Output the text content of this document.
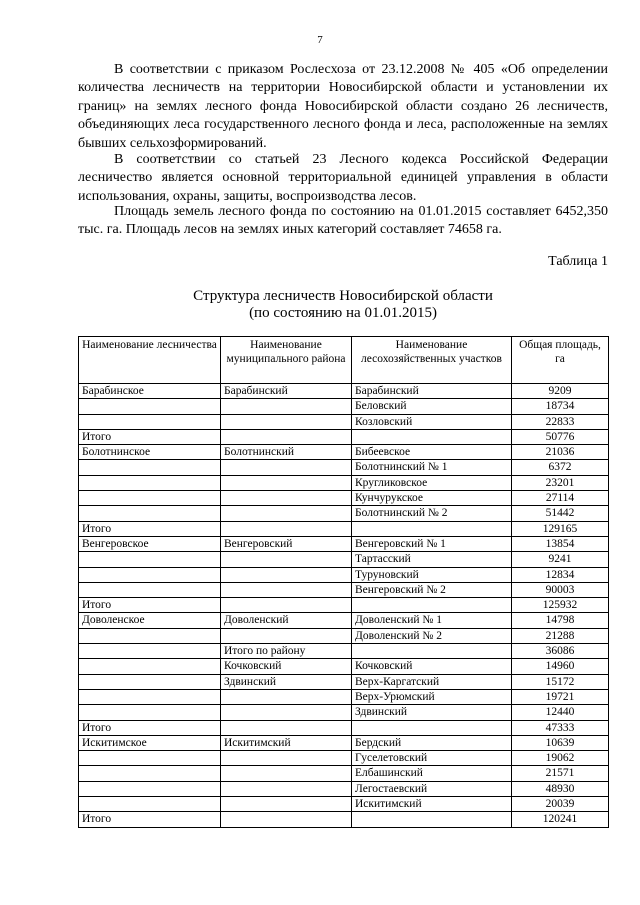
7

В соответствии с приказом Рослесхоза от 23.12.2008 № 405 «Об определении количества лесничеств на территории Новосибирской области и установлении их границ» на землях лесного фонда Новосибирской области создано 26 лесничеств, объединяющих леса государственного лесного фонда и леса, расположенные на землях бывших сельхозформирований.

В соответствии со статьей 23 Лесного кодекса Российской Федерации лесничество является основной территориальной единицей управления в области использования, охраны, защиты, воспроизводства лесов.

Площадь земель лесного фонда по состоянию на 01.01.2015 составляет 6452,350 тыс. га. Площадь лесов на землях иных категорий составляет 74658 га.

Таблица 1
Структура лесничеств Новосибирской области
(по состоянию на 01.01.2015)
Наименование лесничества	Наименование муниципального района	Наименование лесохозяйственных участков	Общая площадь, га
Барабинское	Барабинский	Барабинский	9209
		Беловский	18734
		Козловский	22833
Итого			50776
Болотнинское	Болотнинский	Бибеевское	21036
		Болотнинский № 1	6372
		Кругликовское	23201
		Кунчурукское	27114
		Болотнинский № 2	51442
Итого			129165
Венгеровское	Венгеровский	Венгеровский № 1	13854
		Тартасский	9241
		Туруновский	12834
		Венгеровский № 2	90003
Итого			125932
Доволенское	Доволенский	Доволенский № 1	14798
		Доволенский № 2	21288
	Итого по району		36086
	Кочковский	Кочковский	14960
	Здвинский	Верх-Каргатский	15172
		Верх-Урюмский	19721
		Здвинский	12440
Итого			47333
Искитимское	Искитимский	Бердский	10639
		Гуселетовский	19062
		Елбашинский	21571
		Легостаевский	48930
		Искитимский	20039
Итого			120241
